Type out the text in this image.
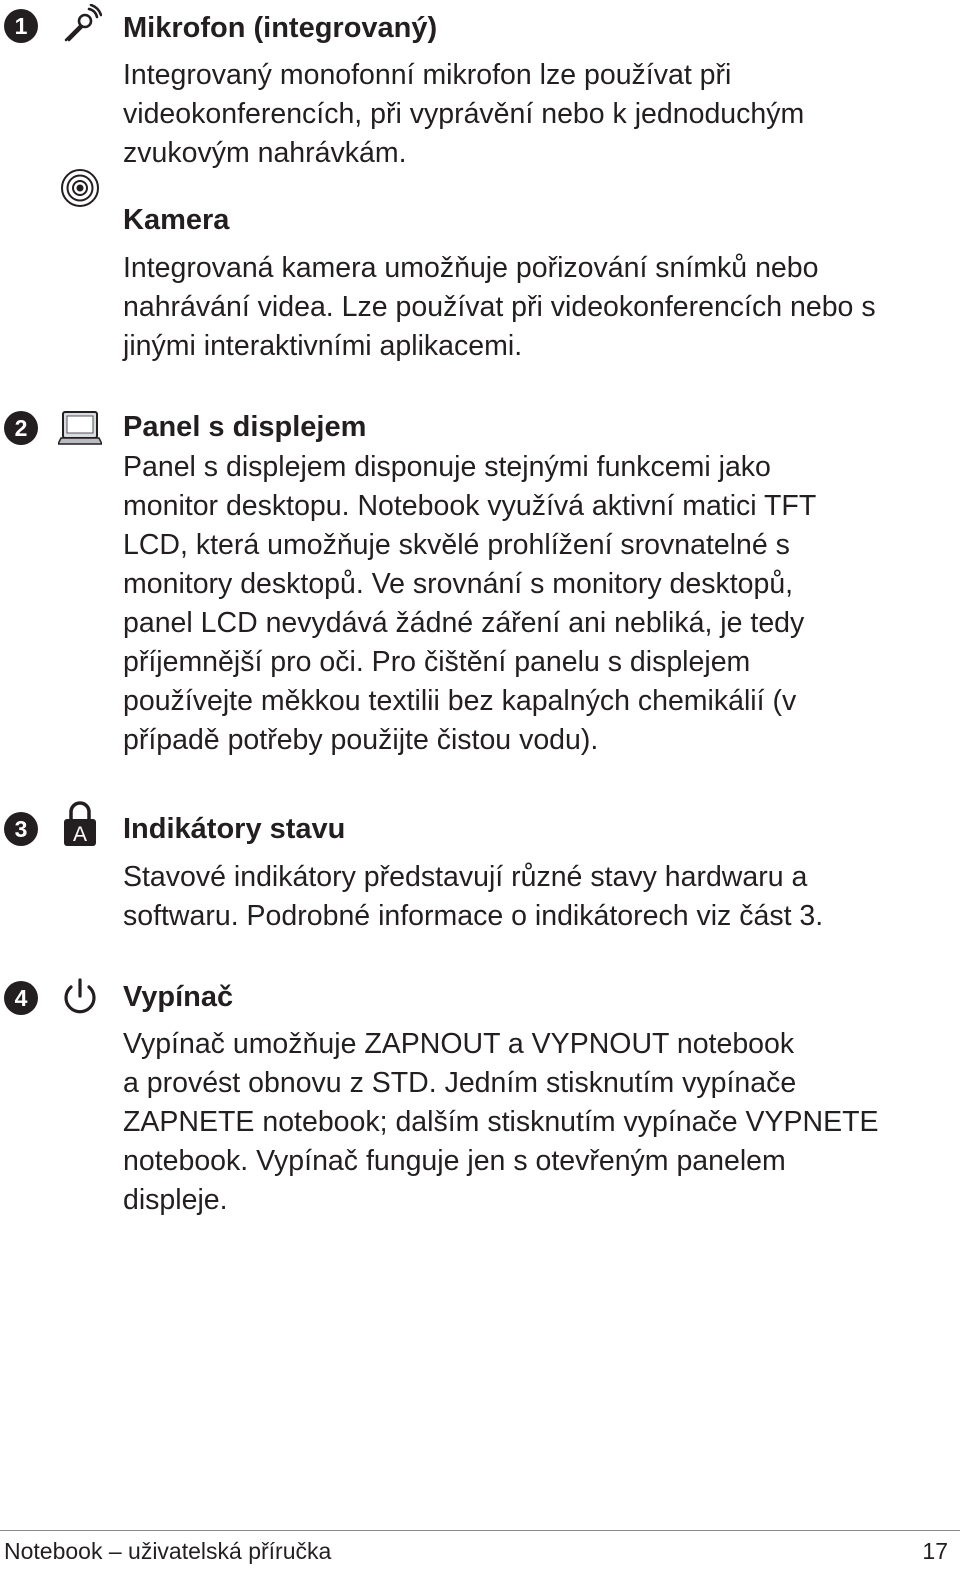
1	Mikrofon (integrovaný)

Integrovaný monofonní mikrofon lze používat při
videokonferencích, při vyprávění nebo k jednoduchým
zvukovým nahrávkám.

Kamera

Integrovaná kamera umožňuje pořizování snímků nebo
nahrávání videa. Lze používat při videokonferencích nebo s
jinými interaktivními aplikacemi.

2	Panel s displejem

Panel s displejem disponuje stejnými funkcemi jako
monitor desktopu. Notebook využívá aktivní matici TFT
LCD, která umožňuje skvělé prohlížení srovnatelné s
monitory desktopů. Ve srovnání s monitory desktopů,
panel LCD nevydává žádné záření ani nebliká, je tedy
příjemnější pro oči. Pro čištění panelu s displejem
používejte měkkou textilii bez kapalných chemikálií (v
případě potřeby použijte čistou vodu).

3	A Indikátory stavu

Stavové indikátory představují různé stavy hardwaru a
softwaru. Podrobné informace o indikátorech viz část 3.

4	Vypínač

Vypínač umožňuje ZAPNOUT a VYPNOUT notebook
a provést obnovu z STD. Jedním stisknutím vypínače
ZAPNETE notebook; dalším stisknutím vypínače VYPNETE
notebook. Vypínač funguje jen s otevřeným panelem
displeje.

Notebook – uživatelská příručka	17
